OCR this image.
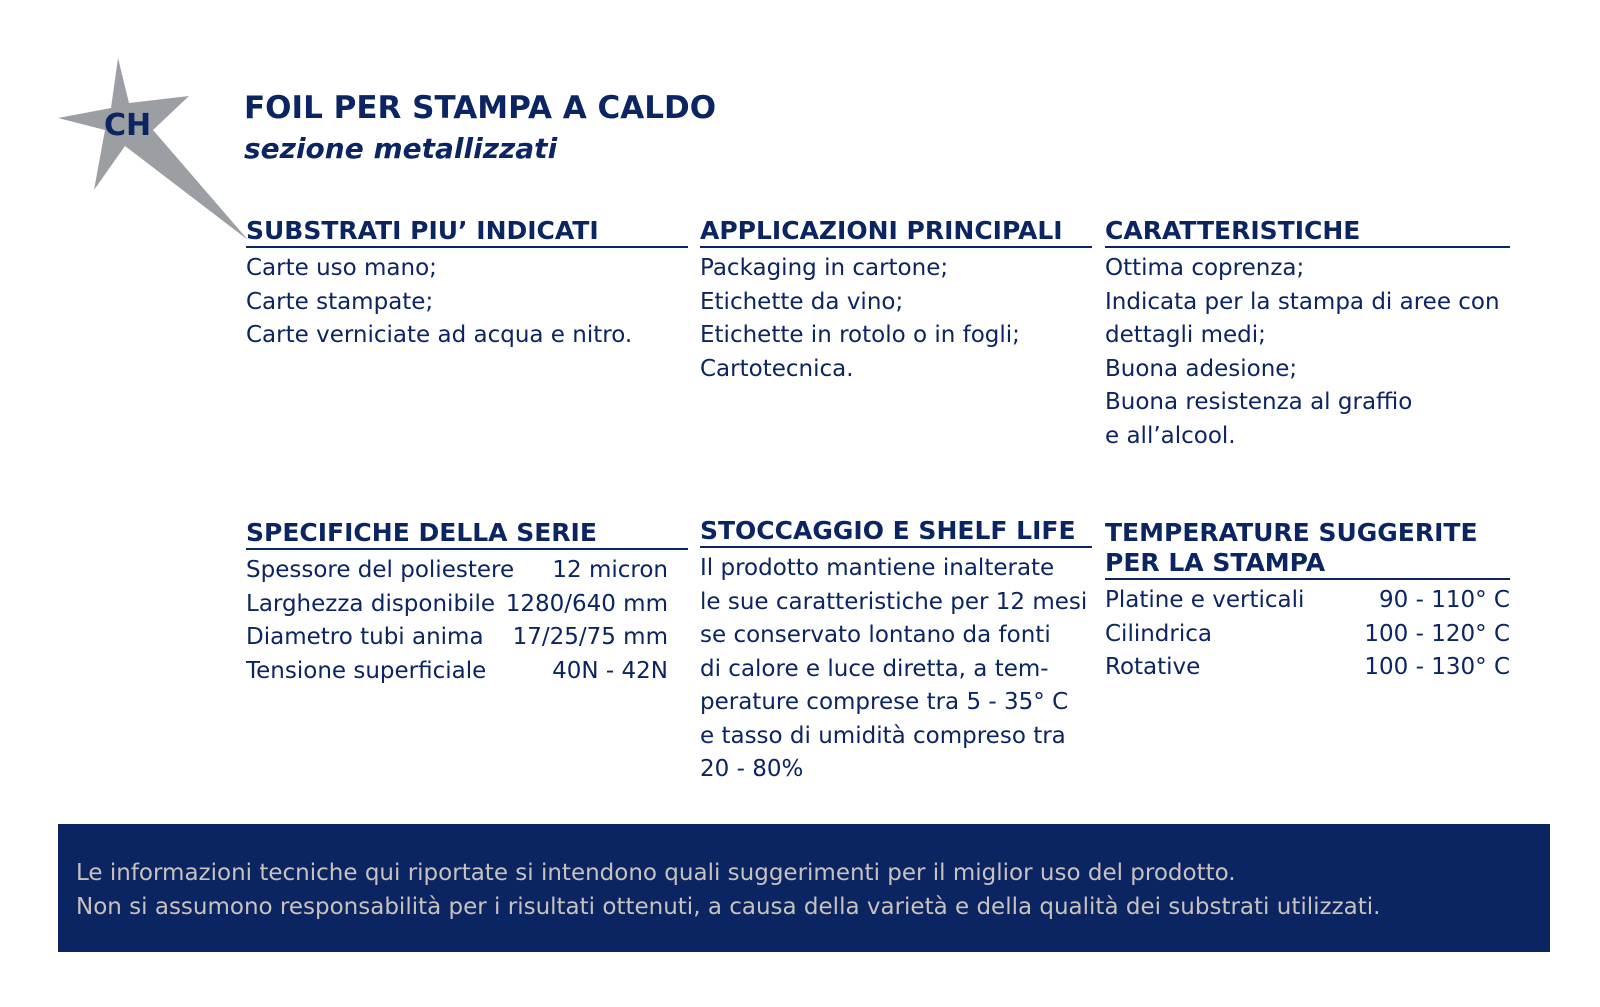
CH	FOIL PER STAMPA A CALDO
sezione metallizzati
SUBSTRATI PIU’ INDICATI
Carte uso mano;
Carte stampate;
Carte verniciate ad acqua e nitro.
APPLICAZIONI PRINCIPALI
Packaging in cartone;
Etichette da vino;
Etichette in rotolo o in fogli;
Cartotecnica.
CARATTERISTICHE
Ottima coprenza;
Indicata per la stampa di aree con
dettagli medi;
Buona adesione;
Buona resistenza al graffio
e all’alcool.
SPECIFICHE DELLA SERIE
Spessore del poliestere 12 micron
Larghezza disponibile 1280/640 mm
Diametro tubi anima 17/25/75 mm
Tensione superficiale	40N - 42N
STOCCAGGIO E SHELF LIFE
Il prodotto mantiene inalterate
le sue caratteristiche per 12 mesi
se conservato lontano da fonti
di calore e luce diretta, a tem-
perature comprese tra 5 - 35° C
e tasso di umidità compreso tra
20 - 80%
TEMPERATURE SUGGERITE
PER LA STAMPA
Platine e verticali	90 - 110° C
Cilindrica	100 - 120° C
Rotative	100 - 130° C
Le informazioni tecniche qui riportate si intendono quali suggerimenti per il miglior uso del prodotto.
Non si assumono responsabilità per i risultati ottenuti, a causa della varietà e della qualità dei substrati utilizzati.
